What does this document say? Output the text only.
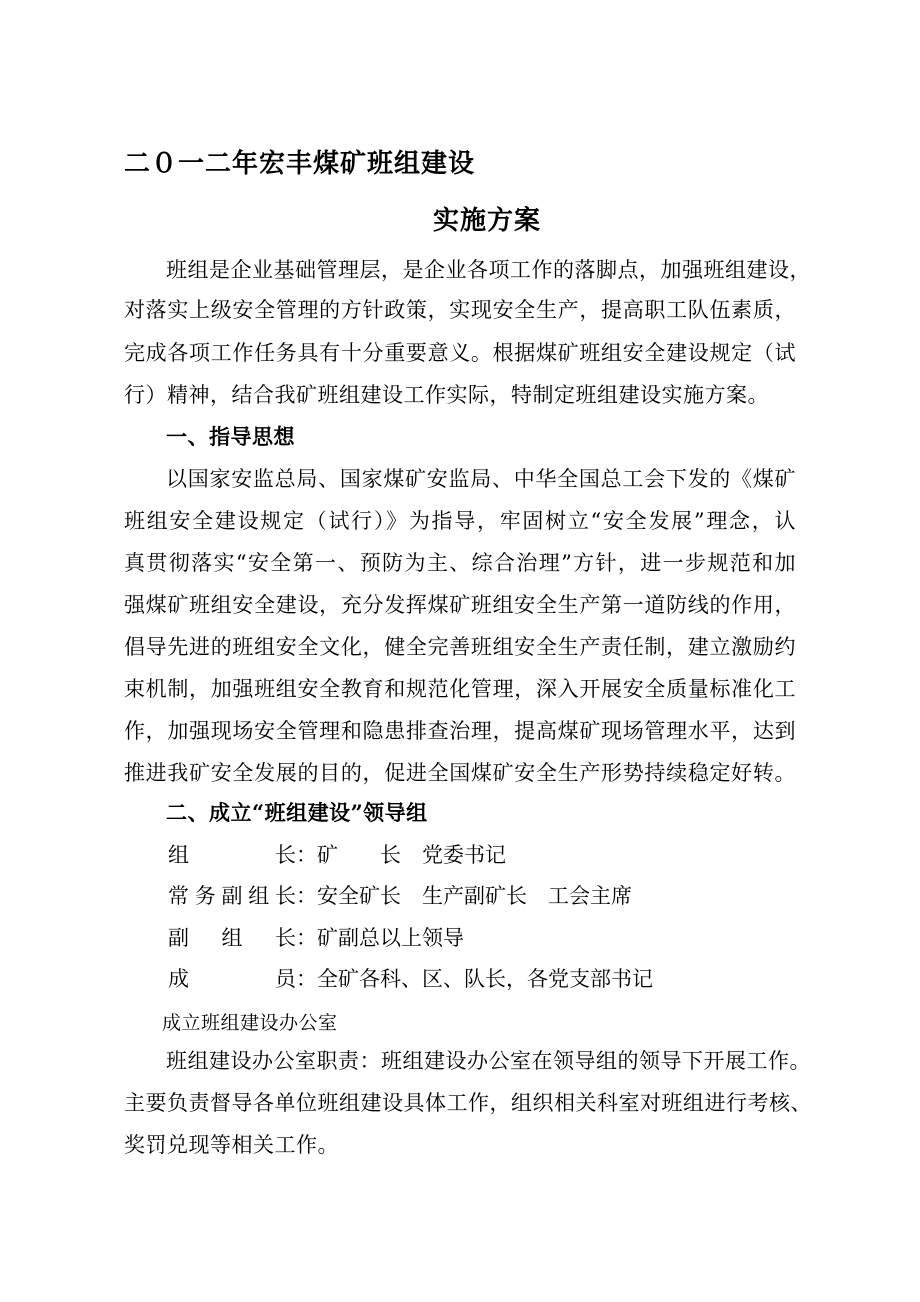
二０一二年宏丰煤矿班组建设
实施方案
班组是企业基础管理层，是企业各项工作的落脚点，加强班组建设，
对落实上级安全管理的方针政策，实现安全生产，提高职工队伍素质，
完成各项工作任务具有十分重要意义。根据煤矿班组安全建设规定（试
行）精神，结合我矿班组建设工作实际，特制定班组建设实施方案。
一、指导思想
以国家安监总局、国家煤矿安监局、中华全国总工会下发的《煤矿
班组安全建设规定（试行）》为指导，牢固树立“安全发展”理念，认
真贯彻落实“安全第一、预防为主、综合治理”方针，进一步规范和加
强煤矿班组安全建设，充分发挥煤矿班组安全生产第一道防线的作用，
倡导先进的班组安全文化，健全完善班组安全生产责任制，建立激励约
束机制，加强班组安全教育和规范化管理，深入开展安全质量标准化工
作，加强现场安全管理和隐患排查治理，提高煤矿现场管理水平，达到
推进我矿安全发展的目的，促进全国煤矿安全生产形势持续稳定好转。
二、成立“班组建设”领导组
组长 ：矿　　长　党委书记
常务副组长 ：安全矿长　生产副矿长　工会主席
副组长 ：矿副总以上领导
成员 ：全矿各科、区、队长，各党支部书记
成立班组建设办公室
班组建设办公室职责：班组建设办公室在领导组的领导下开展工作。
主要负责督导各单位班组建设具体工作，组织相关科室对班组进行考核、
奖罚兑现等相关工作。
